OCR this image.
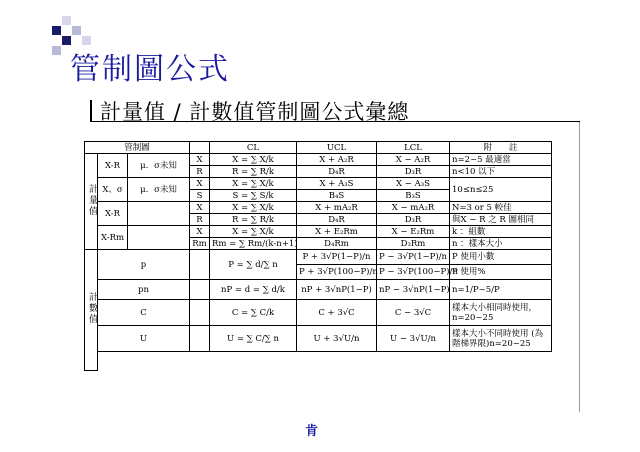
管制圖公式
計量值 / 計數值管制圖公式彙總
管制圖				CL	UCL	LCL	附　　註
計量值	X-R	μ．σ未知	X	X = ∑ X/k	X + A₂R	X − A₂R	n=2~5 最適當
			R	R = ∑ R/k	D₄R	D₃R	n<10 以下
	X、σ	μ．σ未知	X	X = ∑ X/k	X + A₃S	X − A₃S	10≤n≤25
			S	S = ∑ S/k	B₄S	B₃S	
	X-R		X	X = ∑ X/k	X + mA₂R	X − mA₂R	N=3 or 5 較佳
			R	R = ∑ R/k	D₄R	D₃R	與X − R 之 R 圖相同
	X-Rm		X	X = ∑ X/k	X + E₂Rm	X − E₂Rm	k ：組數
			Rm	Rm = ∑ Rm/(k-n+1)	D₄Rm	D₃Rm	n ：樣本大小
計數值	p			P = ∑ d/∑ n	P + 3√P(1−P)/n	P − 3√P(1−P)/n	P 使用小數
					P + 3√P(100−P)/n	P − 3√P(100−P)/n	P 使用%
	pn			nP = d = ∑ d/k	nP + 3√nP(1−P)	nP − 3√nP(1−P)	n=1/P~5/P
	C			C = ∑ C/k	C + 3√C	C − 3√C	樣本大小相同時使用，n=20~25
	U			U = ∑ C/∑ n	U + 3√U/n	U − 3√U/n	樣本大小不同時使用 (為階梯界限)n=20~25

肯
